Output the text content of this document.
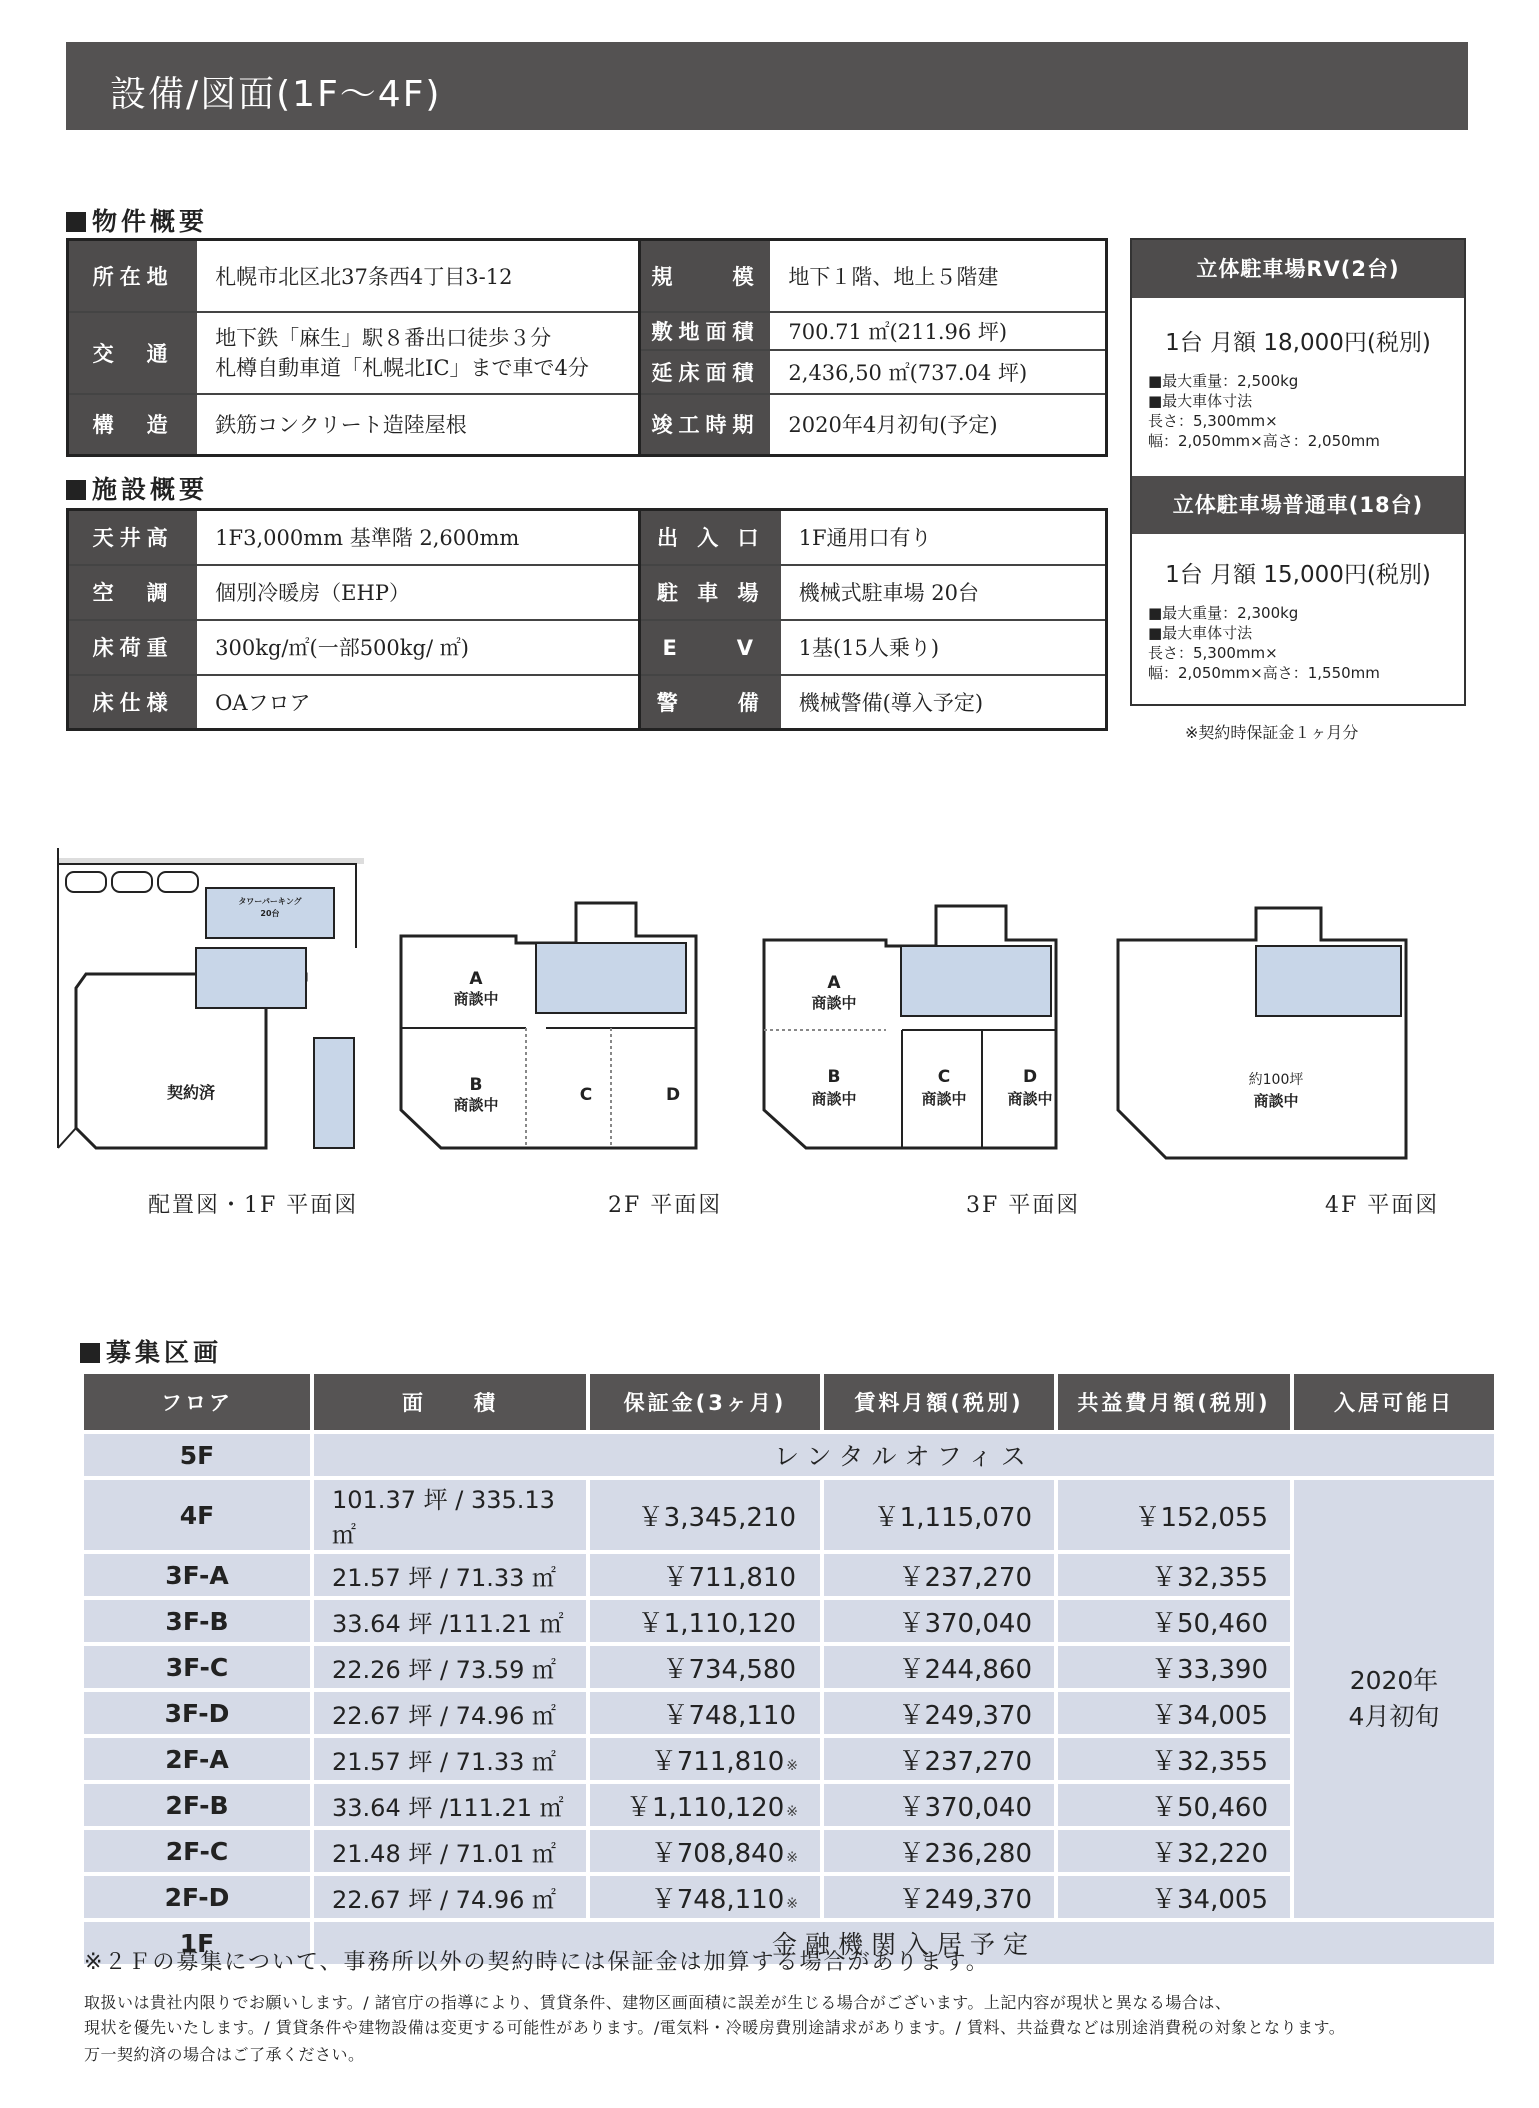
設備/図面(1F～4F)
物件概要
所在地	札幌市北区北37条西4丁目3-12		規　　模	地下１階、地上５階建
交　通	地下鉄「麻生」駅８番出口徒歩３分
札樽自動車道「札幌北IC」まで車で4分		敷地面積	700.71 ㎡(211.96 坪)
			延床面積	2,436,50 ㎡(737.04 坪)
構　造	鉄筋コンクリート造陸屋根		竣工時期	2020年4月初旬(予定)
施設概要
天井高	1F3,000mm 基準階 2,600mm		出 入 口	1F通用口有り
空　調	個別冷暖房（EHP）		駐 車 場	機械式駐車場 20台
床荷重	300kg/㎡(一部500kg/ ㎡)		E　　V	1基(15人乗り)
床仕様	OAフロア		警　　備	機械警備(導入予定)
立体駐車場RV(2台)
1台 月額 18,000円(税別)
■最大重量：2,500kg
■最大車体寸法
長さ：5,300mm×
幅：2,050mm×高さ：2,050mm
立体駐車場普通車(18台)
1台 月額 15,000円(税別)
■最大重量：2,300kg
■最大車体寸法
長さ：5,300mm×
幅：2,050mm×高さ：1,550mm
※契約時保証金１ヶ月分
タワーパーキング
20台
契約済
A
商談中
B
商談中	C	D
A
商談中
B
商談中
C
商談中
D
商談中
約100坪
商談中
配置図・1F 平面図	2F 平面図	3F 平面図	4F 平面図
募集区画
フロア	面　　積	保証金(3ヶ月)	賃料月額(税別)	共益費月額(税別)	入居可能日
5F	レンタルオフィス				
4F	101.37 坪 / 335.13 ㎡	￥3,345,210	￥1,115,070	￥152,055	2020年
4月初旬

3F-A	21.57 坪 / 71.33 ㎡	￥711,810	￥237,270	￥32,355	
3F-B	33.64 坪 /111.21 ㎡	￥1,110,120	￥370,040	￥50,460	
3F-C	22.26 坪 / 73.59 ㎡	￥734,580	￥244,860	￥33,390	
3F-D	22.67 坪 / 74.96 ㎡	￥748,110	￥249,370	￥34,005	
2F-A	21.57 坪 / 71.33 ㎡	￥711,810 ※	￥237,270	￥32,355	
2F-B	33.64 坪 /111.21 ㎡	￥1,110,120 ※	￥370,040	￥50,460	
2F-C	21.48 坪 / 71.01 ㎡	￥708,840 ※	￥236,280	￥32,220	
2F-D	22.67 坪 / 74.96 ㎡	￥748,110 ※	￥249,370	￥34,005	
1F	金融機関入居予定				
※２Ｆの募集について、事務所以外の契約時には保証金は加算する場合があります。
取扱いは貴社内限りでお願いします。/ 諸官庁の指導により、賃貸条件、建物区画面積に誤差が生じる場合がございます。上記内容が現状と異なる場合は、
現状を優先いたします。/ 賃貸条件や建物設備は変更する可能性があります。/電気料・冷暖房費別途請求があります。/ 賃料、共益費などは別途消費税の対象となります。
万一契約済の場合はご了承ください。
